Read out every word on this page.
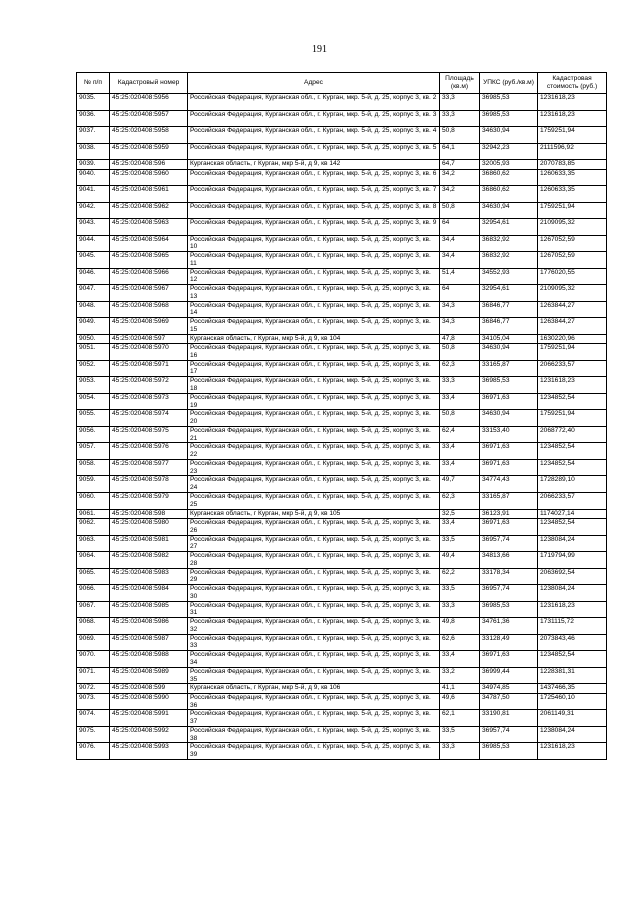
191
№ п/п	Кадастровый номер	Адрес	Площадь (кв.м)	УПКС (руб./кв.м)	Кадастровая стоимость (руб.)
9035.	45:25:020408:5956	Российская Федерация, Курганская обл., г. Курган, мкр. 5-й, д. 25, корпус 3, кв. 2	33,3	36985,53	1231618,23
9036.	45:25:020408:5957	Российская Федерация, Курганская обл., г. Курган, мкр. 5-й, д. 25, корпус 3, кв. 3	33,3	36985,53	1231618,23
9037.	45:25:020408:5958	Российская Федерация, Курганская обл., г. Курган, мкр. 5-й, д. 25, корпус 3, кв. 4	50,8	34630,94	1759251,94
9038.	45:25:020408:5959	Российская Федерация, Курганская обл., г. Курган, мкр. 5-й, д. 25, корпус 3, кв. 5	64,1	32942,23	2111596,92
9039.	45:25:020408:596	Курганская область, г Курган, мкр 5-й, д 9, кв 142	64,7	32005,93	2070783,85
9040.	45:25:020408:5960	Российская Федерация, Курганская обл., г. Курган, мкр. 5-й, д. 25, корпус 3, кв. 6	34,2	36860,62	1260633,35
9041.	45:25:020408:5961	Российская Федерация, Курганская обл., г. Курган, мкр. 5-й, д. 25, корпус 3, кв. 7	34,2	36860,62	1260633,35
9042.	45:25:020408:5962	Российская Федерация, Курганская обл., г. Курган, мкр. 5-й, д. 25, корпус 3, кв. 8	50,8	34630,94	1759251,94
9043.	45:25:020408:5963	Российская Федерация, Курганская обл., г. Курган, мкр. 5-й, д. 25, корпус 3, кв. 9	64	32954,61	2109095,32
9044.	45:25:020408:5964	Российская Федерация, Курганская обл., г. Курган, мкр. 5-й, д. 25, корпус 3, кв. 10	34,4	36832,92	1267052,59
9045.	45:25:020408:5965	Российская Федерация, Курганская обл., г. Курган, мкр. 5-й, д. 25, корпус 3, кв. 11	34,4	36832,92	1267052,59
9046.	45:25:020408:5966	Российская Федерация, Курганская обл., г. Курган, мкр. 5-й, д. 25, корпус 3, кв. 12	51,4	34552,93	1776020,55
9047.	45:25:020408:5967	Российская Федерация, Курганская обл., г. Курган, мкр. 5-й, д. 25, корпус 3, кв. 13	64	32954,61	2109095,32
9048.	45:25:020408:5968	Российская Федерация, Курганская обл., г. Курган, мкр. 5-й, д. 25, корпус 3, кв. 14	34,3	36846,77	1263844,27
9049.	45:25:020408:5969	Российская Федерация, Курганская обл., г. Курган, мкр. 5-й, д. 25, корпус 3, кв. 15	34,3	36846,77	1263844,27
9050.	45:25:020408:597	Курганская область, г Курган, мкр 5-й, д 9, кв 104	47,8	34105,04	1630220,96
9051.	45:25:020408:5970	Российская Федерация, Курганская обл., г. Курган, мкр. 5-й, д. 25, корпус 3, кв. 16	50,8	34630,94	1759251,94
9052.	45:25:020408:5971	Российская Федерация, Курганская обл., г. Курган, мкр. 5-й, д. 25, корпус 3, кв. 17	62,3	33165,87	2066233,57
9053.	45:25:020408:5972	Российская Федерация, Курганская обл., г. Курган, мкр. 5-й, д. 25, корпус 3, кв. 18	33,3	36985,53	1231618,23
9054.	45:25:020408:5973	Российская Федерация, Курганская обл., г. Курган, мкр. 5-й, д. 25, корпус 3, кв. 19	33,4	36971,63	1234852,54
9055.	45:25:020408:5974	Российская Федерация, Курганская обл., г. Курган, мкр. 5-й, д. 25, корпус 3, кв. 20	50,8	34630,94	1759251,94
9056.	45:25:020408:5975	Российская Федерация, Курганская обл., г. Курган, мкр. 5-й, д. 25, корпус 3, кв. 21	62,4	33153,40	2068772,40
9057.	45:25:020408:5976	Российская Федерация, Курганская обл., г. Курган, мкр. 5-й, д. 25, корпус 3, кв. 22	33,4	36971,63	1234852,54
9058.	45:25:020408:5977	Российская Федерация, Курганская обл., г. Курган, мкр. 5-й, д. 25, корпус 3, кв. 23	33,4	36971,63	1234852,54
9059.	45:25:020408:5978	Российская Федерация, Курганская обл., г. Курган, мкр. 5-й, д. 25, корпус 3, кв. 24	49,7	34774,43	1728289,10
9060.	45:25:020408:5979	Российская Федерация, Курганская обл., г. Курган, мкр. 5-й, д. 25, корпус 3, кв. 25	62,3	33165,87	2066233,57
9061.	45:25:020408:598	Курганская область, г Курган, мкр 5-й, д 9, кв 105	32,5	36123,91	1174027,14
9062.	45:25:020408:5980	Российская Федерация, Курганская обл., г. Курган, мкр. 5-й, д. 25, корпус 3, кв. 26	33,4	36971,63	1234852,54
9063.	45:25:020408:5981	Российская Федерация, Курганская обл., г. Курган, мкр. 5-й, д. 25, корпус 3, кв. 27	33,5	36957,74	1238084,24
9064.	45:25:020408:5982	Российская Федерация, Курганская обл., г. Курган, мкр. 5-й, д. 25, корпус 3, кв. 28	49,4	34813,66	1719794,99
9065.	45:25:020408:5983	Российская Федерация, Курганская обл., г. Курган, мкр. 5-й, д. 25, корпус 3, кв. 29	62,2	33178,34	2063692,54
9066.	45:25:020408:5984	Российская Федерация, Курганская обл., г. Курган, мкр. 5-й, д. 25, корпус 3, кв. 30	33,5	36957,74	1238084,24
9067.	45:25:020408:5985	Российская Федерация, Курганская обл., г. Курган, мкр. 5-й, д. 25, корпус 3, кв. 31	33,3	36985,53	1231618,23
9068.	45:25:020408:5986	Российская Федерация, Курганская обл., г. Курган, мкр. 5-й, д. 25, корпус 3, кв. 32	49,8	34761,36	1731115,72
9069.	45:25:020408:5987	Российская Федерация, Курганская обл., г. Курган, мкр. 5-й, д. 25, корпус 3, кв. 33	62,6	33128,49	2073843,46
9070.	45:25:020408:5988	Российская Федерация, Курганская обл., г. Курган, мкр. 5-й, д. 25, корпус 3, кв. 34	33,4	36971,63	1234852,54
9071.	45:25:020408:5989	Российская Федерация, Курганская обл., г. Курган, мкр. 5-й, д. 25, корпус 3, кв. 35	33,2	36999,44	1228381,31
9072.	45:25:020408:599	Курганская область, г Курган, мкр 5-й, д 9, кв 106	41,1	34974,85	1437466,35
9073.	45:25:020408:5990	Российская Федерация, Курганская обл., г. Курган, мкр. 5-й, д. 25, корпус 3, кв. 36	49,6	34787,50	1725460,10
9074.	45:25:020408:5991	Российская Федерация, Курганская обл., г. Курган, мкр. 5-й, д. 25, корпус 3, кв. 37	62,1	33190,81	2061149,31
9075.	45:25:020408:5992	Российская Федерация, Курганская обл., г. Курган, мкр. 5-й, д. 25, корпус 3, кв. 38	33,5	36957,74	1238084,24
9076.	45:25:020408:5993	Российская Федерация, Курганская обл., г. Курган, мкр. 5-й, д. 25, корпус 3, кв. 39	33,3	36985,53	1231618,23
